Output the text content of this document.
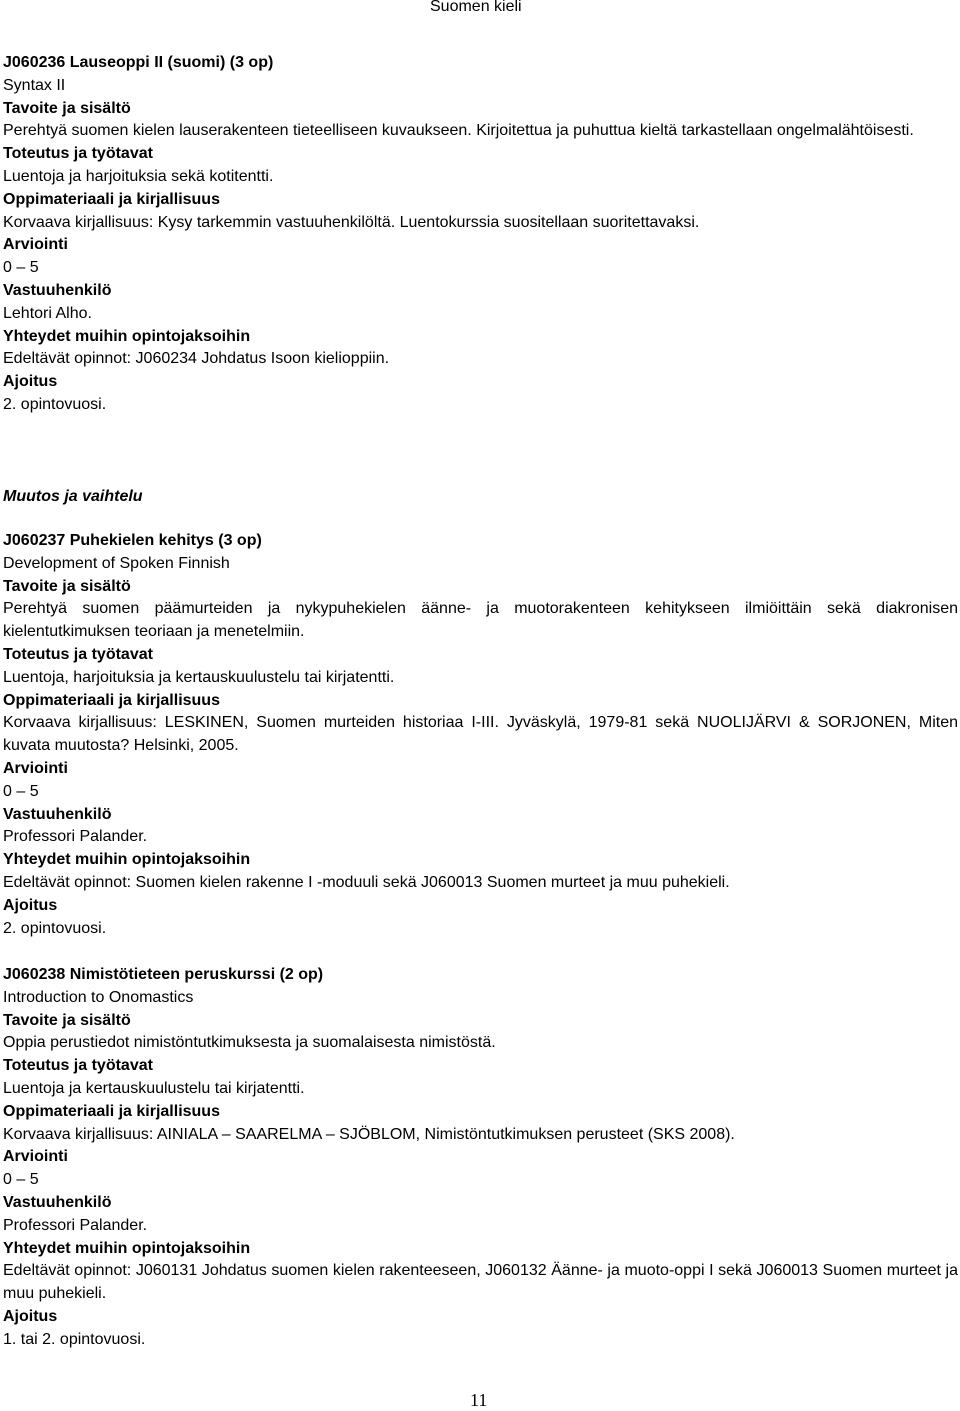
Suomen kieli

J060236 Lauseoppi II (suomi) (3 op)

Syntax II

Tavoite ja sisältö

Perehtyä suomen kielen lauserakenteen tieteelliseen kuvaukseen. Kirjoitettua ja puhuttua kieltä tarkastellaan ongelmalähtöisesti.

Toteutus ja työtavat

Luentoja ja harjoituksia sekä kotitentti.

Oppimateriaali ja kirjallisuus

Korvaava kirjallisuus: Kysy tarkemmin vastuuhenkilöltä. Luentokurssia suositellaan suoritettavaksi.

Arviointi

0 – 5

Vastuuhenkilö

Lehtori Alho.

Yhteydet muihin opintojaksoihin

Edeltävät opinnot: J060234 Johdatus Isoon kielioppiin.

Ajoitus

2. opintovuosi.

Muutos ja vaihtelu

J060237 Puhekielen kehitys (3 op)

Development of Spoken Finnish

Tavoite ja sisältö

Perehtyä suomen päämurteiden ja nykypuhekielen äänne- ja muotorakenteen kehitykseen ilmiöittäin sekä diakronisen kielentutkimuksen teoriaan ja menetelmiin.

Toteutus ja työtavat

Luentoja, harjoituksia ja kertauskuulustelu tai kirjatentti.

Oppimateriaali ja kirjallisuus

Korvaava kirjallisuus: LESKINEN, Suomen murteiden historiaa I-III. Jyväskylä, 1979-81 sekä NUOLIJÄRVI & SORJONEN, Miten kuvata muutosta? Helsinki, 2005.

Arviointi

0 – 5

Vastuuhenkilö

Professori Palander.

Yhteydet muihin opintojaksoihin

Edeltävät opinnot: Suomen kielen rakenne I -moduuli sekä J060013 Suomen murteet ja muu puhekieli.

Ajoitus

2. opintovuosi.

J060238 Nimistötieteen peruskurssi (2 op)

Introduction to Onomastics

Tavoite ja sisältö

Oppia perustiedot nimistöntutkimuksesta ja suomalaisesta nimistöstä.

Toteutus ja työtavat

Luentoja ja kertauskuulustelu tai kirjatentti.

Oppimateriaali ja kirjallisuus

Korvaava kirjallisuus: AINIALA – SAARELMA – SJÖBLOM, Nimistöntutkimuksen perusteet (SKS 2008).

Arviointi

0 – 5

Vastuuhenkilö

Professori Palander.

Yhteydet muihin opintojaksoihin

Edeltävät opinnot: J060131 Johdatus suomen kielen rakenteeseen, J060132 Äänne- ja muoto-oppi I sekä J060013 Suomen murteet ja muu puhekieli.

Ajoitus

1. tai 2. opintovuosi.

11
